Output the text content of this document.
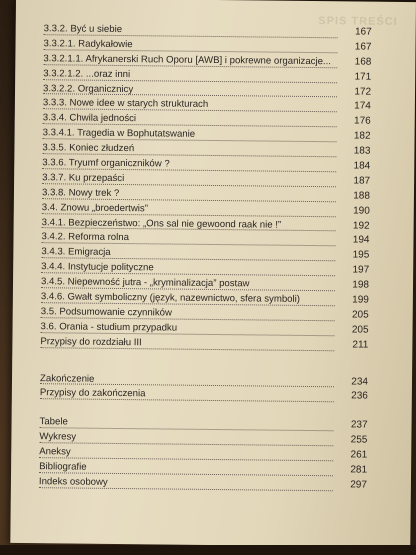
SPIS TREŚCI
3.3.2. Być u siebie	167
3.3.2.1. Radykałowie	167
3.3.2.1.1. Afrykanerski Ruch Oporu [AWB] i pokrewne organizacje...	168
3.3.2.1.2. ...oraz inni	171
3.3.2.2. Organicznicy	172
3.3.3. Nowe idee w starych strukturach	174
3.3.4. Chwila jedności	176
3.3.4.1. Tragedia w Bophutatswanie	182
3.3.5. Koniec złudzeń	183
3.3.6. Tryumf organiczników ?	184
3.3.7. Ku przepaści	187
3.3.8. Nowy trek ?	188
3.4. Znowu „broedertwis”	190
3.4.1. Bezpieczeństwo: „Ons sal nie gewoond raak nie !”	192
3.4.2. Reforma rolna	194
3.4.3. Emigracja	195
3.4.4. Instytucje polityczne	197
3.4.5. Niepewność jutra - „kryminalizacja” postaw	198
3.4.6. Gwałt symboliczny (język, nazewnictwo, sfera symboli)	199
3.5. Podsumowanie czynników	205
3.6. Orania - studium przypadku	205
Przypisy do rozdziału III	211
Zakończenie	234
Przypisy do zakończenia	236
Tabele	237
Wykresy	255
Aneksy	261
Bibliografie	281
Indeks osobowy	297
